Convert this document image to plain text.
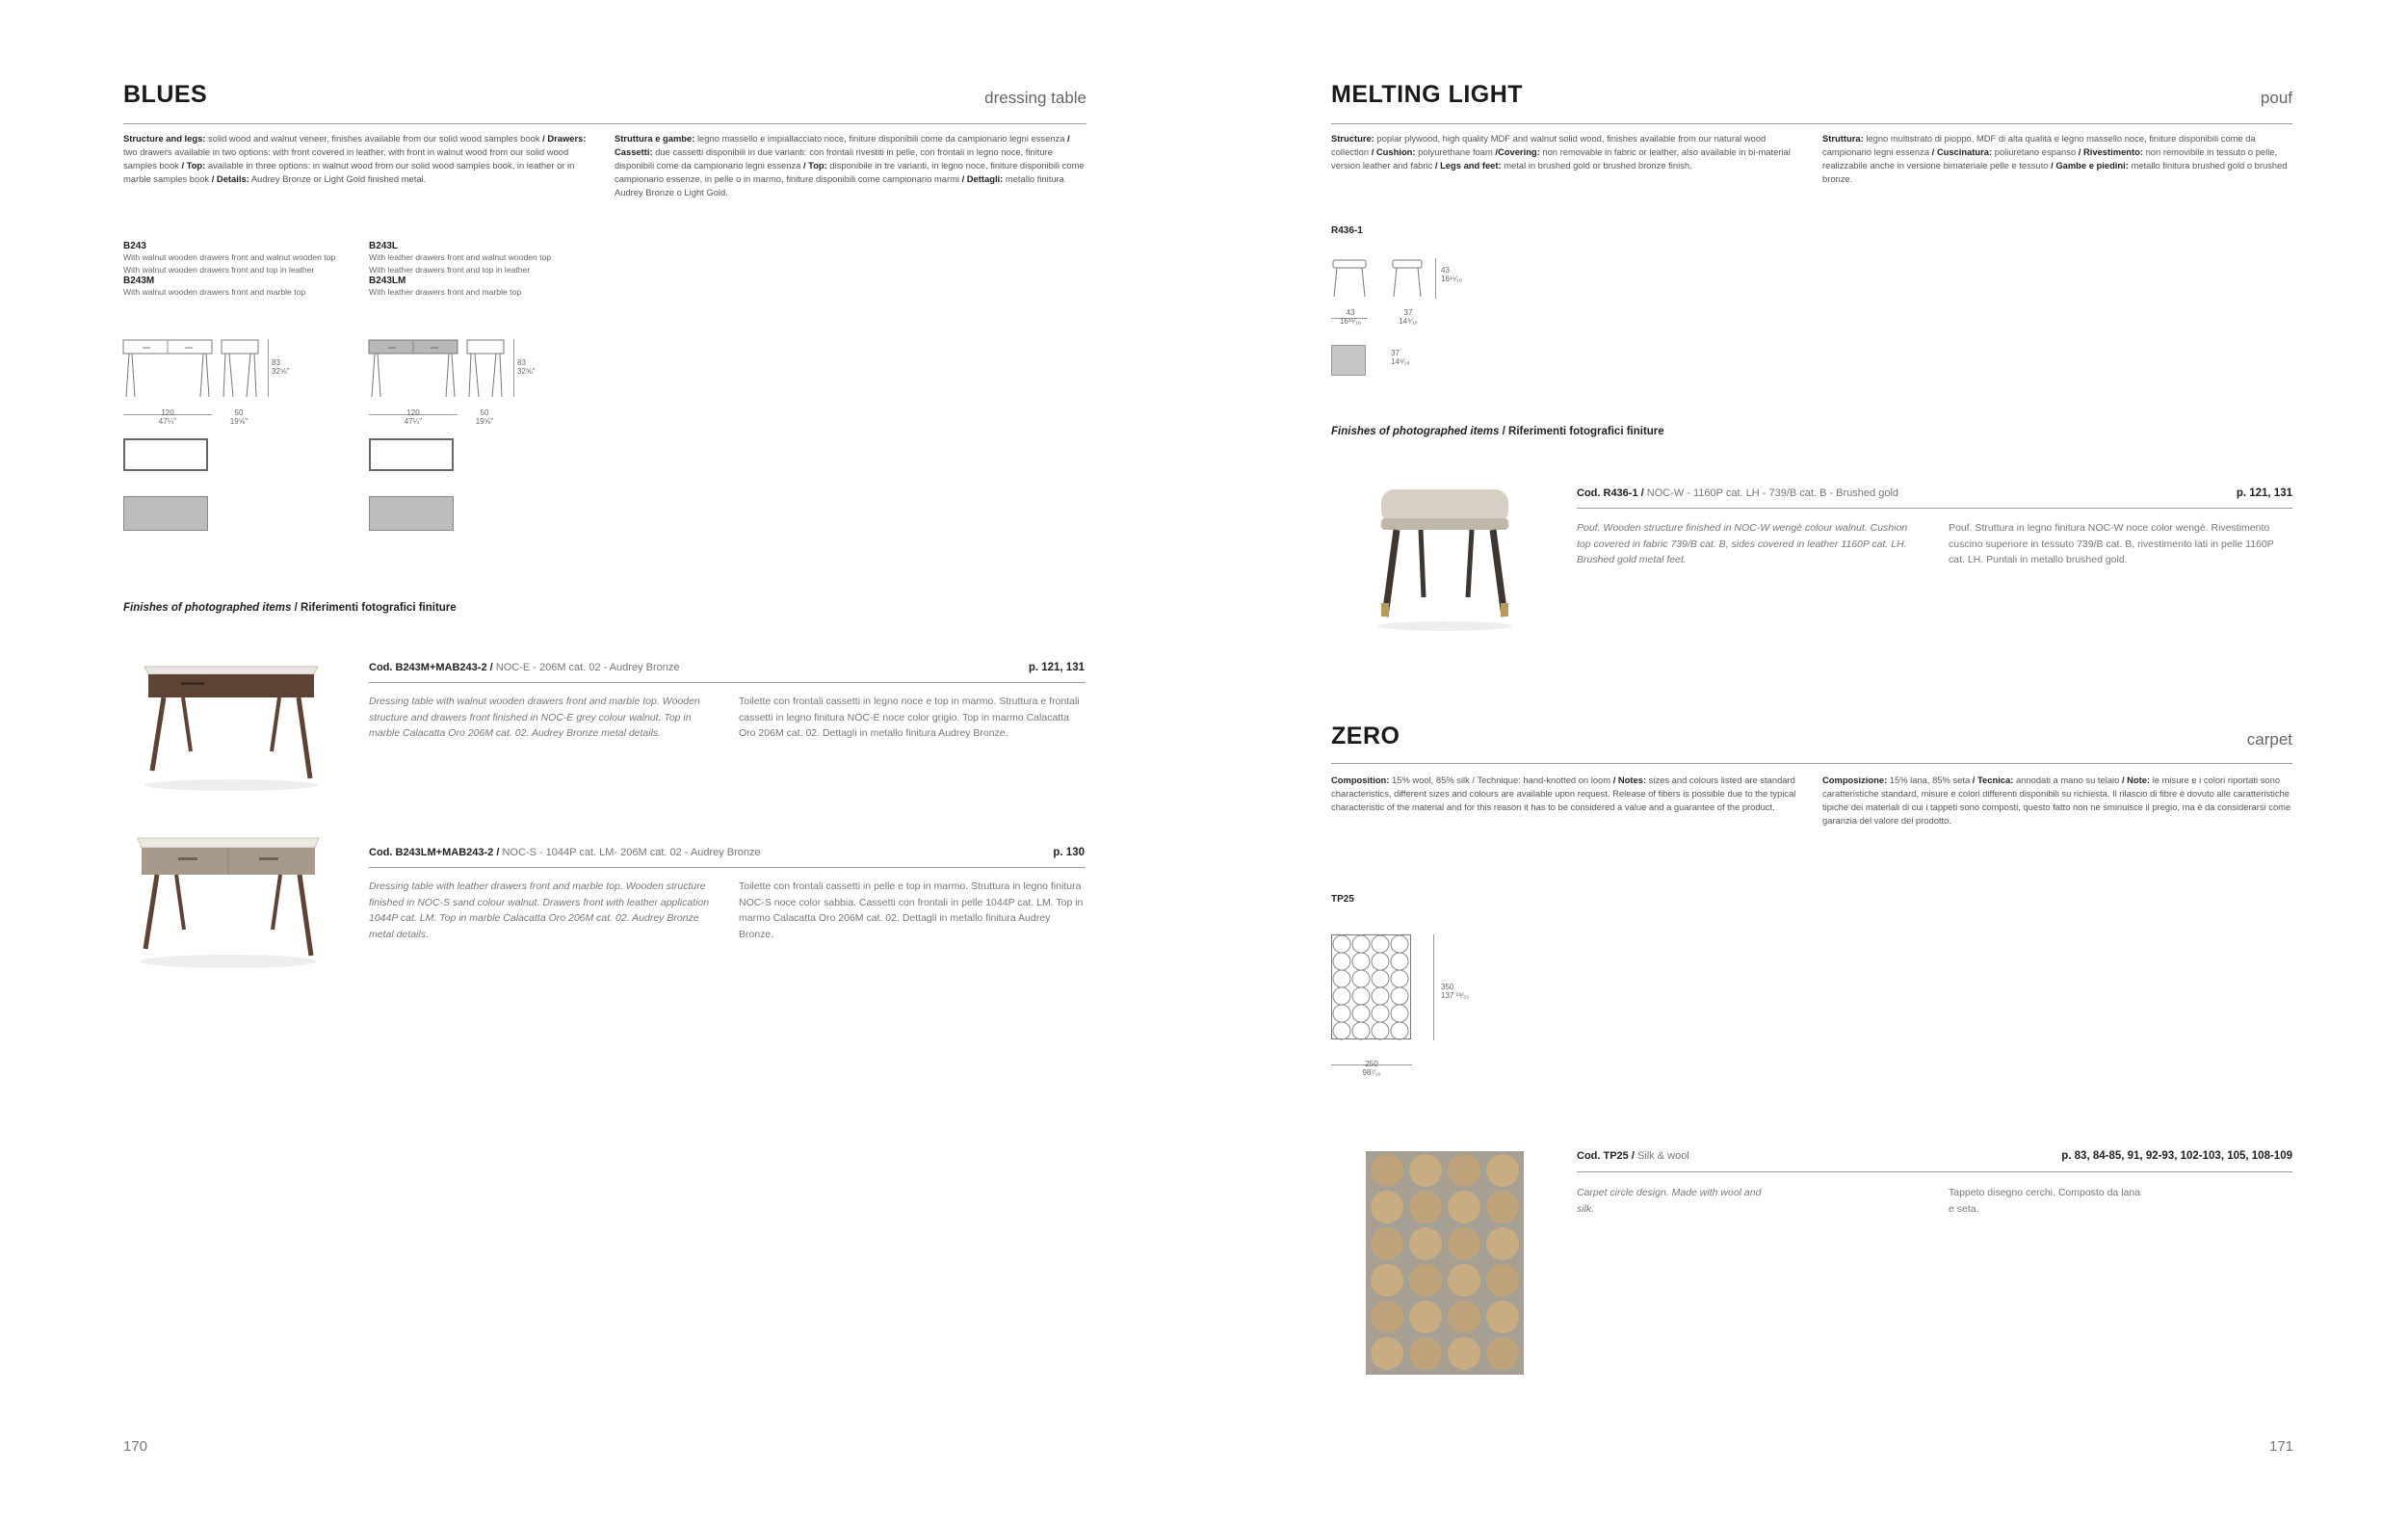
BLUES	dressing table
Structure and legs: solid wood and walnut veneer, finishes available from our solid wood samples book / Drawers: two drawers available in two options: with front covered in leather, with front in walnut wood from our solid wood samples book / Top: available in three options: in walnut wood from our solid wood samples book, in leather or in marble samples book / Details: Audrey Bronze or Light Gold finished metal.
Struttura e gambe: legno massello e impiallacciato noce, finiture disponibili come da campionario legni essenza / Cassetti: due cassetti disponibili in due varianti: con frontali rivestiti in pelle, con frontali in legno noce, finiture disponibili come da campionario legni essenza / Top: disponibile in tre varianti, in legno noce, finiture disponibili come campionario essenze, in pelle o in marmo, finiture disponibili come campionario marmi / Dettagli: metallo finitura Audrey Bronze o Light Gold.
B243
With walnut wooden drawers front and walnut wooden top
With walnut wooden drawers front and top in leather
B243M
With walnut wooden drawers front and marble top
B243L
With leather drawers front and walnut wooden top
With leather drawers front and top in leather
B243LM
With leather drawers front and marble top
83
32⅝"
120
47¼"
50
19⅝"
83
32⅝"
120
47¼"
50
19⅝"
Finishes of photographed items / Riferimenti fotografici finiture
Cod. B243M+MAB243-2 / NOC-E - 206M cat. 02 - Audrey Bronze	p. 121, 131
Dressing table with walnut wooden drawers front and marble top. Wooden structure and drawers front finished in NOC-E grey colour walnut. Top in marble Calacatta Oro 206M cat. 02. Audrey Bronze metal details.
Toilette con frontali cassetti in legno noce e top in marmo. Struttura e frontali cassetti in legno finitura NOC-E noce color grigio. Top in marmo Calacatta Oro 206M cat. 02. Dettagli in metallo finitura Audrey Bronze.
Cod. B243LM+MAB243-2 / NOC-S - 1044P cat. LM- 206M cat. 02 - Audrey Bronze	p. 130
Dressing table with leather drawers front and marble top. Wooden structure finished in NOC-S sand colour walnut. Drawers front with leather application 1044P cat. LM. Top in marble Calacatta Oro 206M cat. 02. Audrey Bronze metal details.
Toilette con frontali cassetti in pelle e top in marmo. Struttura in legno finitura NOC-S noce color sabbia. Cassetti con frontali in pelle 1044P cat. LM. Top in marmo Calacatta Oro 206M cat. 02. Dettagli in metallo finitura Audrey Bronze.
170
MELTING LIGHT	pouf
Structure: poplar plywood, high quality MDF and walnut solid wood, finishes available from our natural wood collection / Cushion: polyurethane foam /Covering: non removable in fabric or leather, also available in bi-material version leather and fabric / Legs and feet: metal in brushed gold or brushed bronze finish.
Struttura: legno multistrato di pioppo, MDF di alta qualità e legno massello noce, finiture disponibili come da campionario legni essenza / Cuscinatura: poliuretano espanso / Rivestimento: non removibile in tessuto o pelle, realizzabile anche in versione bimateriale pelle e tessuto / Gambe e piedini: metallo finitura brushed gold o brushed bronze.
R436-1
43
16¹⁵⁄₁₆
43
16¹⁵⁄₁₆
37
14⁹⁄₁₆
37
14⁹⁄₁₆
Finishes of photographed items / Riferimenti fotografici finiture
Cod. R436-1 / NOC-W - 1160P cat. LH - 739/B cat. B - Brushed gold	p. 121, 131
Pouf. Wooden structure finished in NOC-W wengè colour walnut. Cushion top covered in fabric 739/B cat. B, sides covered in leather 1160P cat. LH. Brushed gold metal feet.
Pouf. Struttura in legno finitura NOC-W noce color wengè. Rivestimento cuscino superiore in tessuto 739/B cat. B, rivestimento lati in pelle 1160P cat. LH. Puntali in metallo brushed gold.
ZERO	carpet
Composition: 15% wool, 85% silk / Technique: hand-knotted on loom / Notes: sizes and colours listed are standard characteristics, different sizes and colours are available upon request. Release of fibers is possible due to the typical characteristic of the material and for this reason it has to be considered a value and a guarantee of the product.
Composizione: 15% lana, 85% seta / Tecnica: annodati a mano su telaio / Note: le misure e i colori riportati sono caratteristiche standard, misure e colori differenti disponibili su richiesta. Il rilascio di fibre è dovuto alle caratteristiche tipiche dei materiali di cui i tappeti sono composti, questo fatto non ne sminuisce il pregio, ma è da considerarsi come garanzia del valore del prodotto.
TP25
350
137 ²⁹⁄₃₂
250
98⁷⁄₁₆
Cod. TP25 / Silk & wool	p. 83, 84-85, 91, 92-93, 102-103, 105, 108-109
Carpet circle design. Made with wool and silk.
Tappeto disegno cerchi. Composto da lana e seta.
171
